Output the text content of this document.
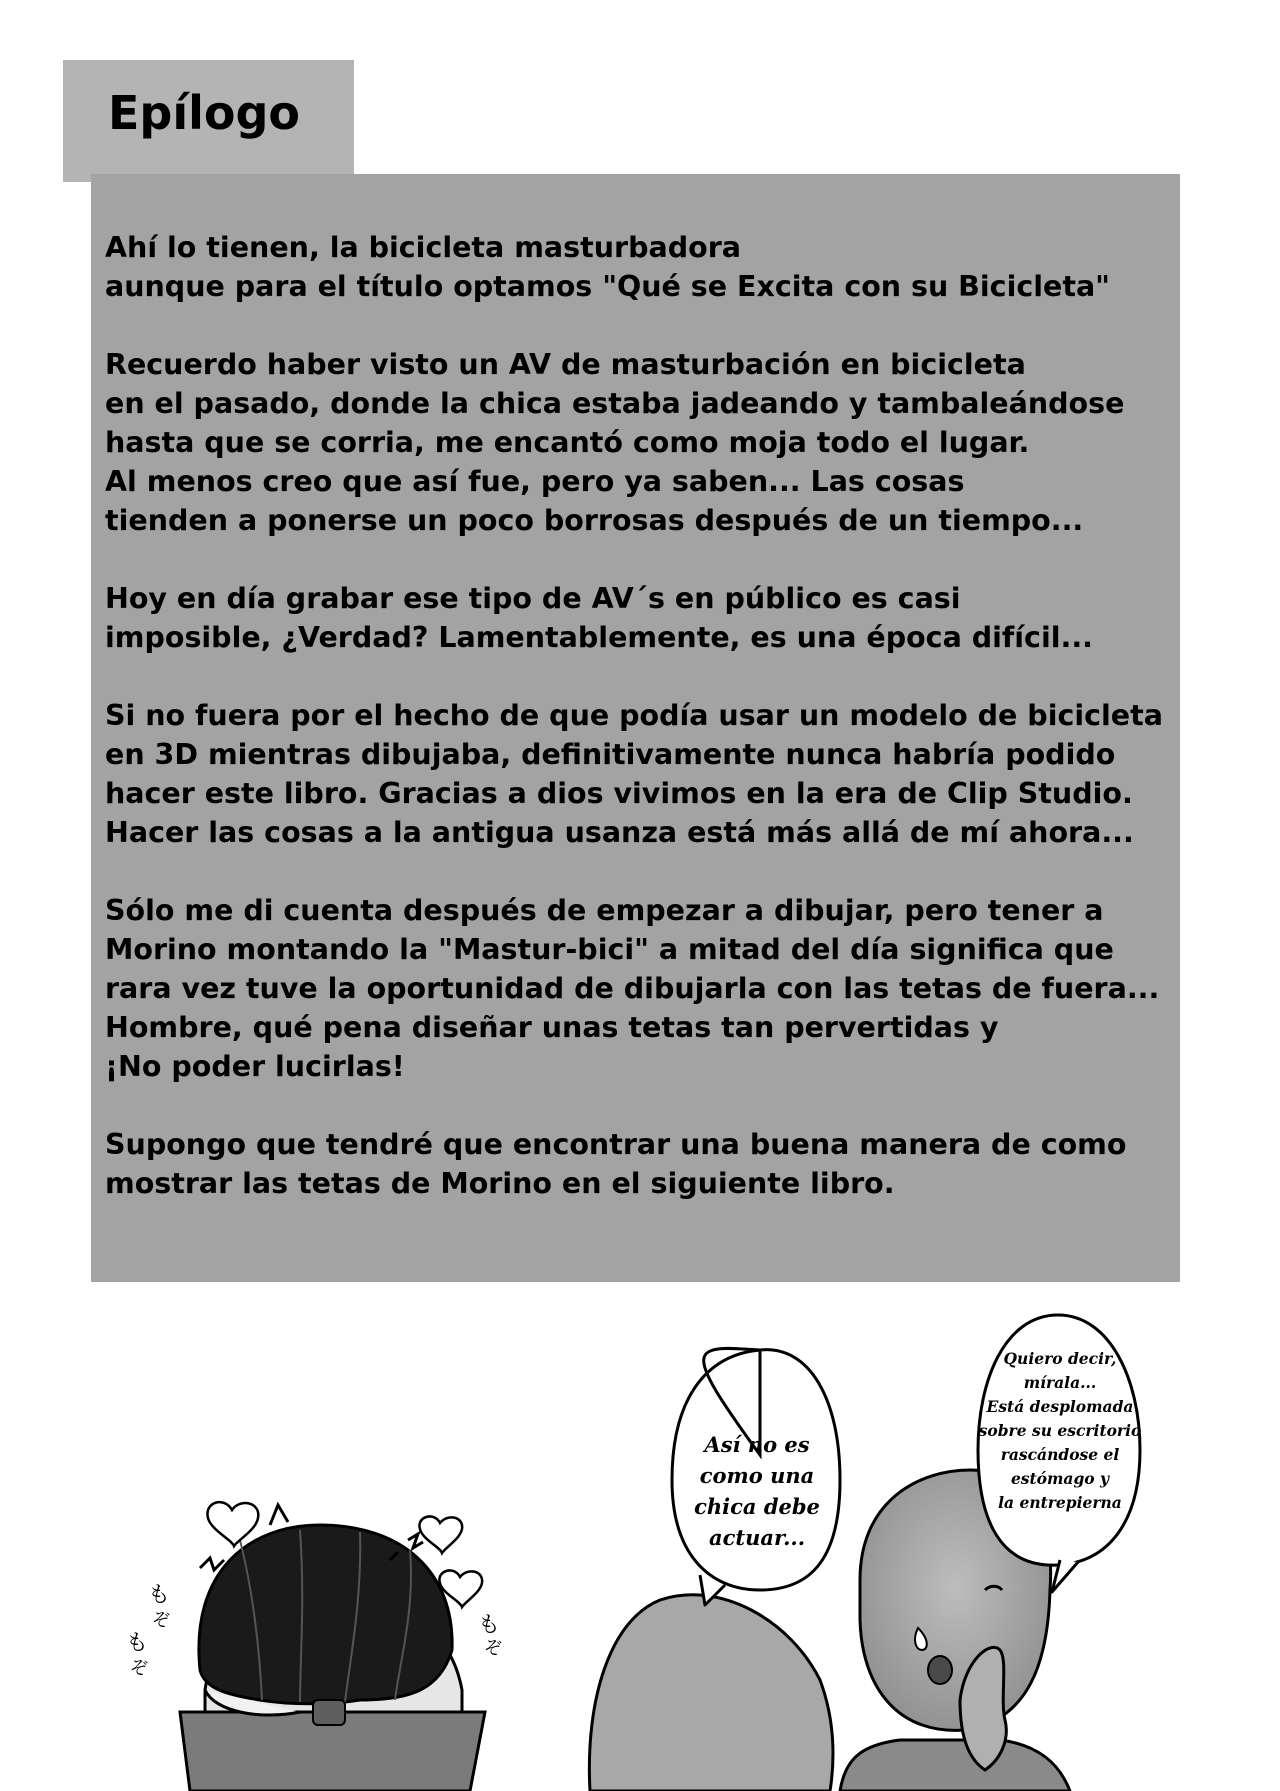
Epílogo
Ahí lo tienen, la bicicleta masturbadora
aunque para el título optamos "Qué se Excita con su Bicicleta"
Recuerdo haber visto un AV de masturbación en bicicleta
en el pasado, donde la chica estaba jadeando y tambaleándose
hasta que se corria, me encantó como moja todo el lugar.
Al menos creo que así fue, pero ya saben... Las cosas
tienden a ponerse un poco borrosas después de un tiempo...
Hoy en día grabar ese tipo de AV´s en público es casi
imposible, ¿Verdad? Lamentablemente, es una época difícil...
Si no fuera por el hecho de que podía usar un modelo de bicicleta
en 3D mientras dibujaba, definitivamente nunca habría podido
hacer este libro. Gracias a dios vivimos en la era de Clip Studio.
Hacer las cosas a la antigua usanza está más allá de mí ahora...
Sólo me di cuenta después de empezar a dibujar, pero tener a
Morino montando la "Mastur-bici" a mitad del día significa que
rara vez tuve la oportunidad de dibujarla con las tetas de fuera...
Hombre, qué pena diseñar unas tetas tan pervertidas y
¡No poder lucirlas!
Supongo que tendré que encontrar una buena manera de como
mostrar las tetas de Morino en el siguiente libro.
も
ぞ
も
ぞ
も
ぞ
Así no es
como una
chica debe
actuar...
Quiero decir,
mírala...
Está desplomada
sobre su escritorio
rascándose el
estómago y
la entrepierna
